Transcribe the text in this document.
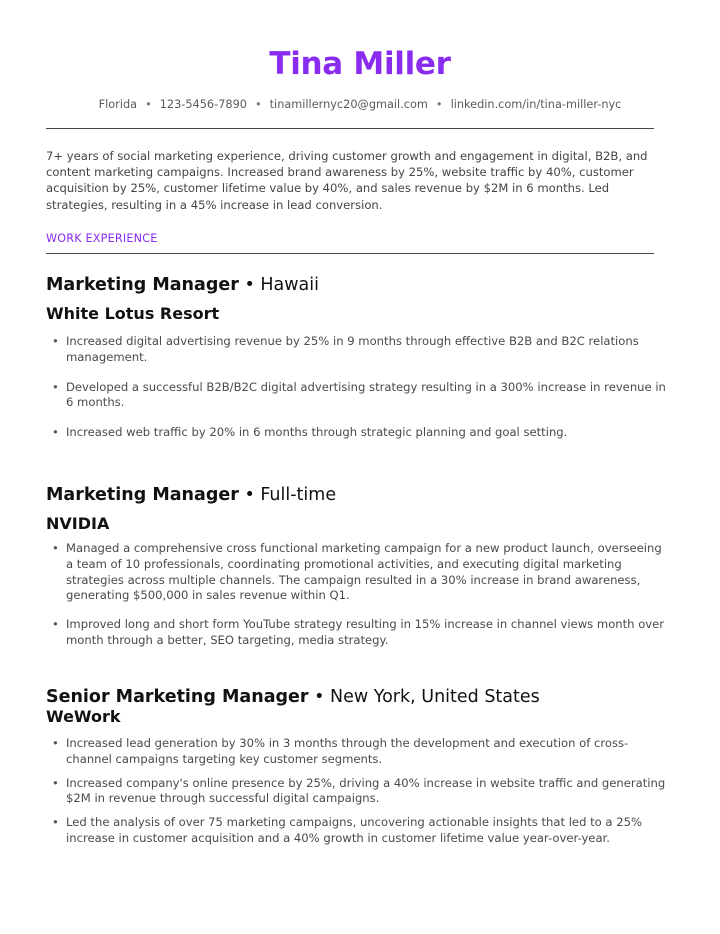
Tina Miller
Florida • 123-5456-7890 • tinamillernyc20@gmail.com • linkedin.com/in/tina-miller-nyc
7+ years of social marketing experience, driving customer growth and engagement in digital, B2B, and content marketing campaigns. Increased brand awareness by 25%, website traffic by 40%, customer acquisition by 25%, customer lifetime value by 40%, and sales revenue by $2M in 6 months. Led strategies, resulting in a 45% increase in lead conversion.
WORK EXPERIENCE
Marketing Manager • Hawaii
White Lotus Resort
• Increased digital advertising revenue by 25% in 9 months through effective B2B and B2C relations management.
• Developed a successful B2B/B2C digital advertising strategy resulting in a 300% increase in revenue in 6 months.
• Increased web traffic by 20% in 6 months through strategic planning and goal setting.
Marketing Manager • Full-time
NVIDIA
• Managed a comprehensive cross functional marketing campaign for a new product launch, overseeing a team of 10 professionals, coordinating promotional activities, and executing digital marketing strategies across multiple channels. The campaign resulted in a 30% increase in brand awareness, generating $500,000 in sales revenue within Q1.
• Improved long and short form YouTube strategy resulting in 15% increase in channel views month over month through a better, SEO targeting, media strategy.
Senior Marketing Manager • New York, United States
WeWork
• Increased lead generation by 30% in 3 months through the development and execution of cross-channel campaigns targeting key customer segments.
• Increased company's online presence by 25%, driving a 40% increase in website traffic and generating $2M in revenue through successful digital campaigns.
• Led the analysis of over 75 marketing campaigns, uncovering actionable insights that led to a 25% increase in customer acquisition and a 40% growth in customer lifetime value year-over-year.
